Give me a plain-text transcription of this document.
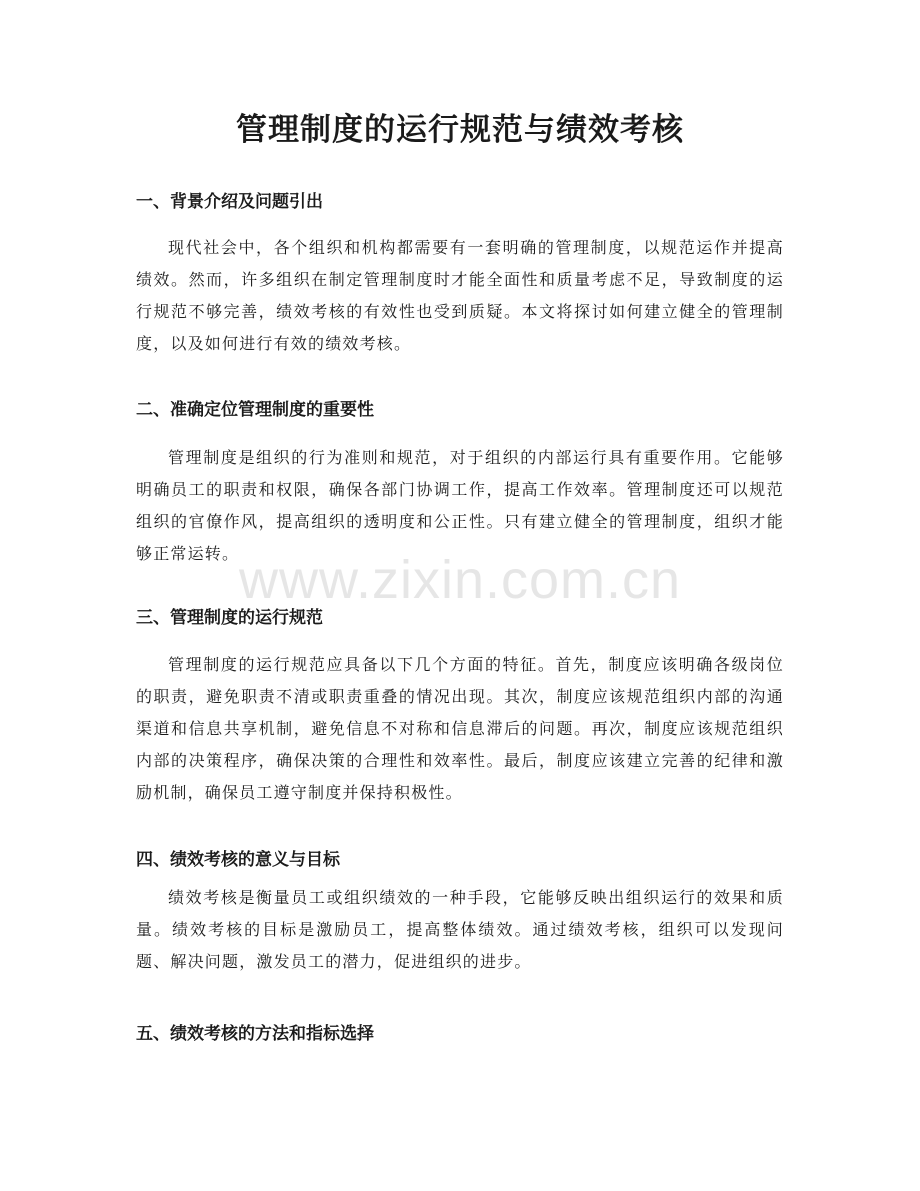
管理制度的运行规范与绩效考核
一、背景介绍及问题引出

现代社会中，各个组织和机构都需要有一套明确的管理制度，以规范运作并提高绩效。然而，许多组织在制定管理制度时才能全面性和质量考虑不足，导致制度的运行规范不够完善，绩效考核的有效性也受到质疑。本文将探讨如何建立健全的管理制度，以及如何进行有效的绩效考核。

二、准确定位管理制度的重要性

管理制度是组织的行为准则和规范，对于组织的内部运行具有重要作用。它能够明确员工的职责和权限，确保各部门协调工作，提高工作效率。管理制度还可以规范组织的官僚作风，提高组织的透明度和公正性。只有建立健全的管理制度，组织才能够正常运转。

三、管理制度的运行规范

管理制度的运行规范应具备以下几个方面的特征。首先，制度应该明确各级岗位的职责，避免职责不清或职责重叠的情况出现。其次，制度应该规范组织内部的沟通渠道和信息共享机制，避免信息不对称和信息滞后的问题。再次，制度应该规范组织内部的决策程序，确保决策的合理性和效率性。最后，制度应该建立完善的纪律和激励机制，确保员工遵守制度并保持积极性。

四、绩效考核的意义与目标

绩效考核是衡量员工或组织绩效的一种手段，它能够反映出组织运行的效果和质量。绩效考核的目标是激励员工，提高整体绩效。通过绩效考核，组织可以发现问题、解决问题，激发员工的潜力，促进组织的进步。

五、绩效考核的方法和指标选择
www.zixin.com.cn
